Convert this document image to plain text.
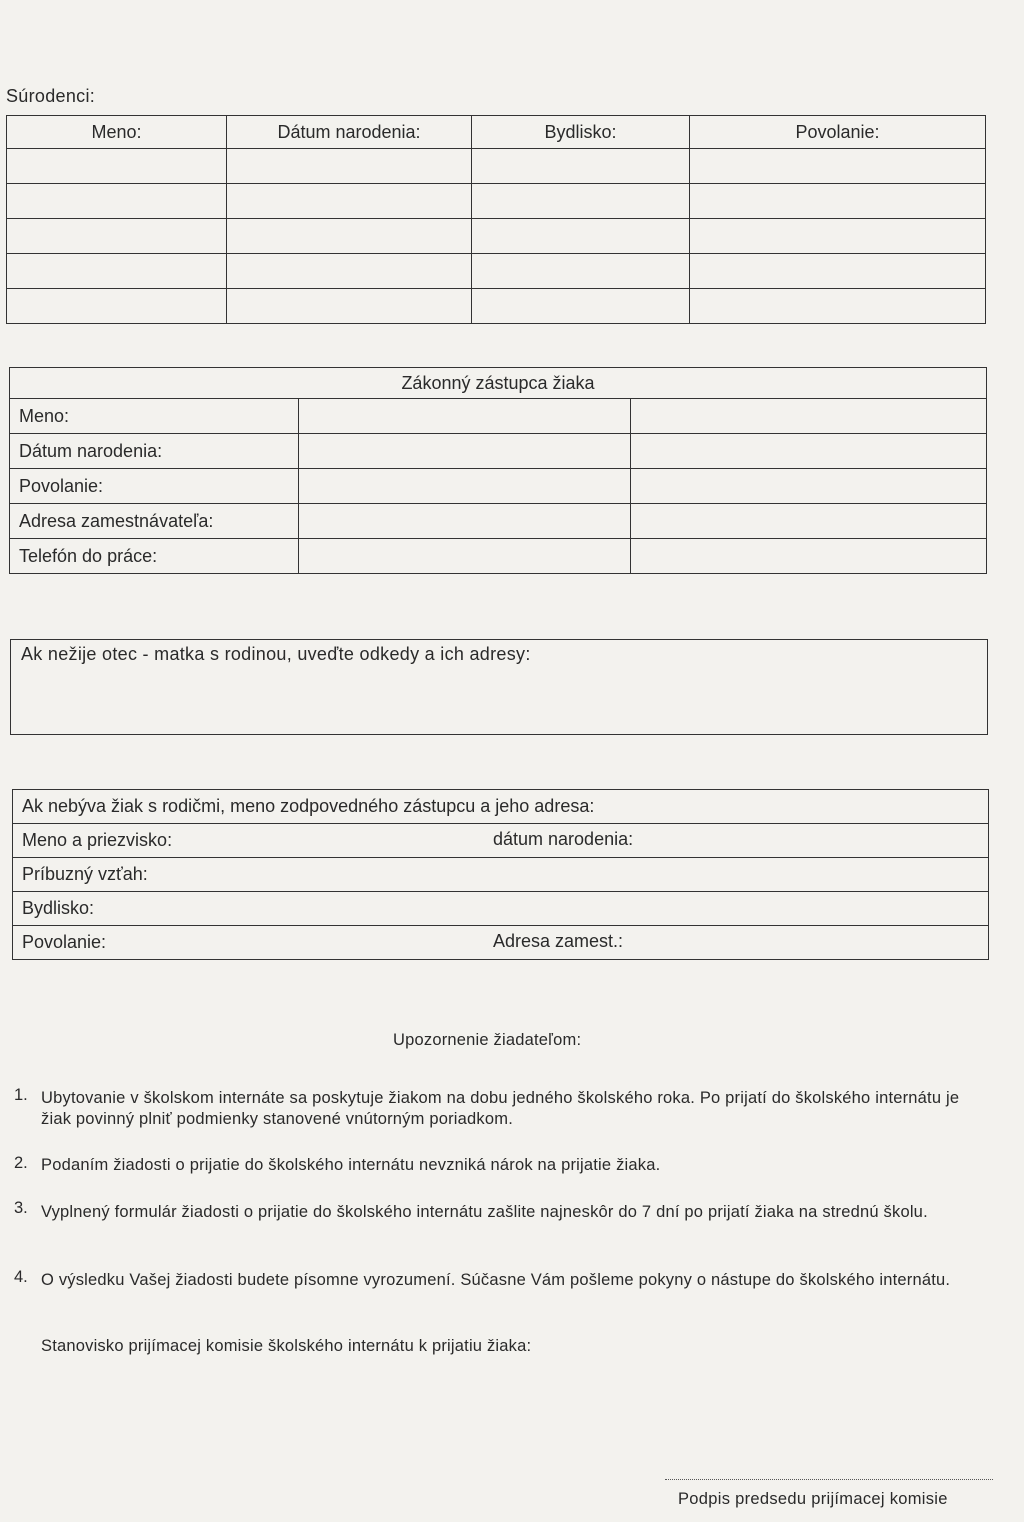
Súrodenci:
Meno:	Dátum narodenia:	Bydlisko:	Povolanie:

Zákonný zástupca žiaka		
Meno:		
Dátum narodenia:		
Povolanie:		
Adresa zamestnávateľa:		
Telefón do práce:		
Ak nežije otec - matka s rodinou, uveďte odkedy a ich adresy:
Ak nebýva žiak s rodičmi, meno zodpovedného zástupcu a jeho adresa:
Meno a priezvisko:	dátum narodenia:

Príbuzný vzťah:
Bydlisko:
Povolanie:	Adresa zamest.:
Upozornenie žiadateľom:
1. Ubytovanie v školskom internáte sa poskytuje žiakom na dobu jedného školského roka. Po prijatí do školského internátu je žiak povinný plniť podmienky stanovené vnútorným poriadkom.
2. Podaním žiadosti o prijatie do školského internátu nevzniká nárok na prijatie žiaka.
3. Vyplnený formulár žiadosti o prijatie do školského internátu zašlite najneskôr do 7 dní po prijatí žiaka na strednú školu.
4. O výsledku Vašej žiadosti budete písomne vyrozumení. Súčasne Vám pošleme pokyny o nástupe do školského internátu.
Stanovisko prijímacej komisie školského internátu k prijatiu žiaka:
Podpis predsedu prijímacej komisie
